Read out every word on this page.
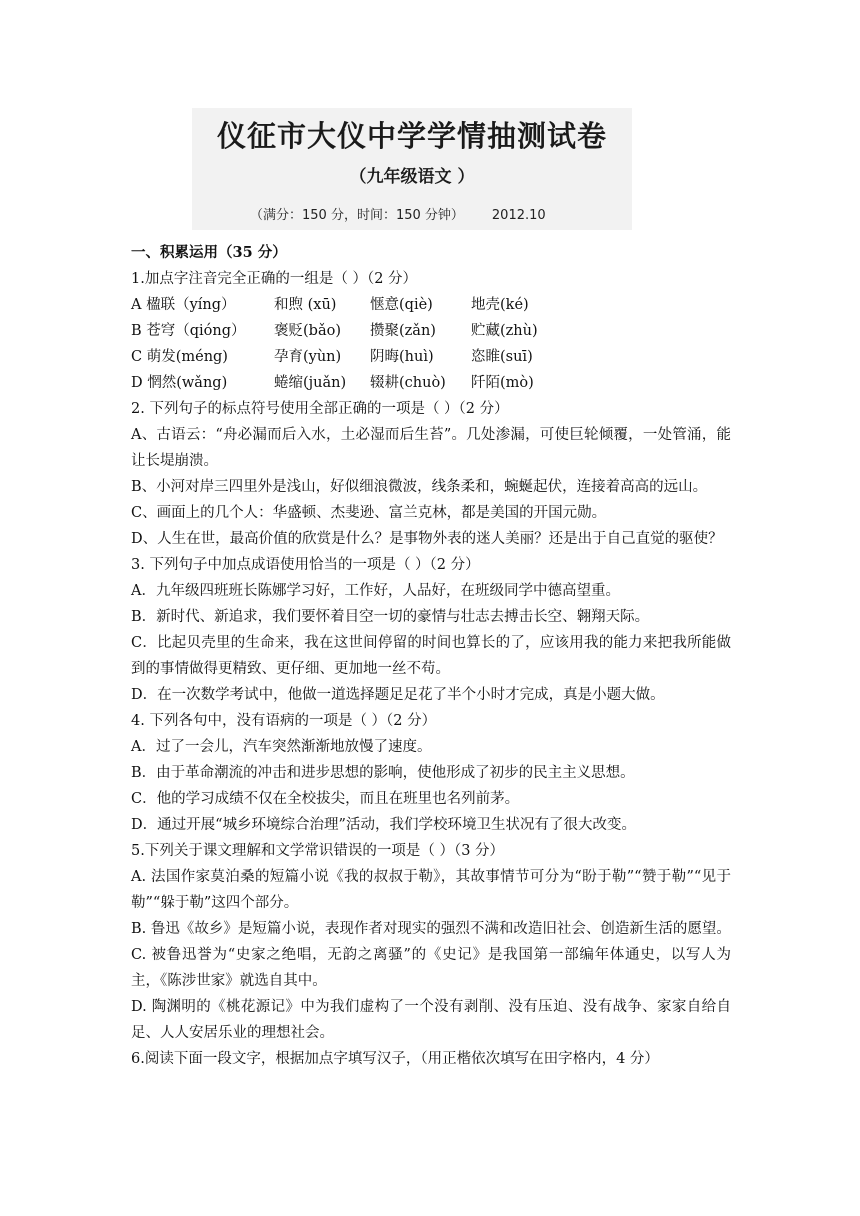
仪征市大仪中学学情抽测试卷
（九年级语文 ）
（满分：150 分，时间：150 分钟） 2012.10
一、积累运用（35 分）
1.加点字注音完全正确的一组是（ ）（2 分）
A 楹联（yíng）	和煦 (xū) 惬意(qiè)	地壳(ké)
B 苍穹（qióng） 褒贬(bǎo) 攒聚(zǎn) 贮藏(zhù)
C 萌发(méng)	孕育(yùn) 阴晦(huì)	恣睢(suī)
D 惘然(wǎng)	蜷缩(juǎn) 辍耕(chuò) 阡陌(mò)
2. 下列句子的标点符号使用全部正确的一项是（ ）（2 分）
A、古语云：“舟必漏而后入水，土必湿而后生苔”。几处渗漏，可使巨轮倾覆，一处管涌，能让长堤崩溃。
B、小河对岸三四里外是浅山，好似细浪微波，线条柔和，蜿蜒起伏，连接着高高的远山。
C、画面上的几个人：华盛顿、杰斐逊、富兰克林，都是美国的开国元勋。
D、人生在世，最高价值的欣赏是什么？是事物外表的迷人美丽？还是出于自己直觉的驱使？
3. 下列句子中加点成语使用恰当的一项是（ ）（2 分）
A．九年级四班班长陈娜学习好，工作好，人品好，在班级同学中德高望重。
B．新时代、新追求，我们要怀着目空一切的豪情与壮志去搏击长空、翱翔天际。
C．比起贝壳里的生命来，我在这世间停留的时间也算长的了，应该用我的能力来把我所能做到的事情做得更精致、更仔细、更加地一丝不苟。
D．在一次数学考试中，他做一道选择题足足花了半个小时才完成，真是小题大做。
4. 下列各句中，没有语病的一项是（ ）（2 分）
A．过了一会儿，汽车突然渐渐地放慢了速度。
B．由于革命潮流的冲击和进步思想的影响，使他形成了初步的民主主义思想。
C．他的学习成绩不仅在全校拔尖，而且在班里也名列前茅。
D．通过开展“城乡环境综合治理”活动，我们学校环境卫生状况有了很大改变。
5.下列关于课文理解和文学常识错误的一项是（ ）（3 分）
A. 法国作家莫泊桑的短篇小说《我的叔叔于勒》，其故事情节可分为“盼于勒”“赞于勒”“见于勒”“躲于勒”这四个部分。
B. 鲁迅《故乡》是短篇小说，表现作者对现实的强烈不满和改造旧社会、创造新生活的愿望。
C. 被鲁迅誉为“史家之绝唱，无韵之离骚”的《史记》是我国第一部编年体通史，以写人为主，《陈涉世家》就选自其中。
D. 陶渊明的《桃花源记》中为我们虚构了一个没有剥削、没有压迫、没有战争、家家自给自足、人人安居乐业的理想社会。
6.阅读下面一段文字，根据加点字填写汉子，（用正楷依次填写在田字格内，4 分）
